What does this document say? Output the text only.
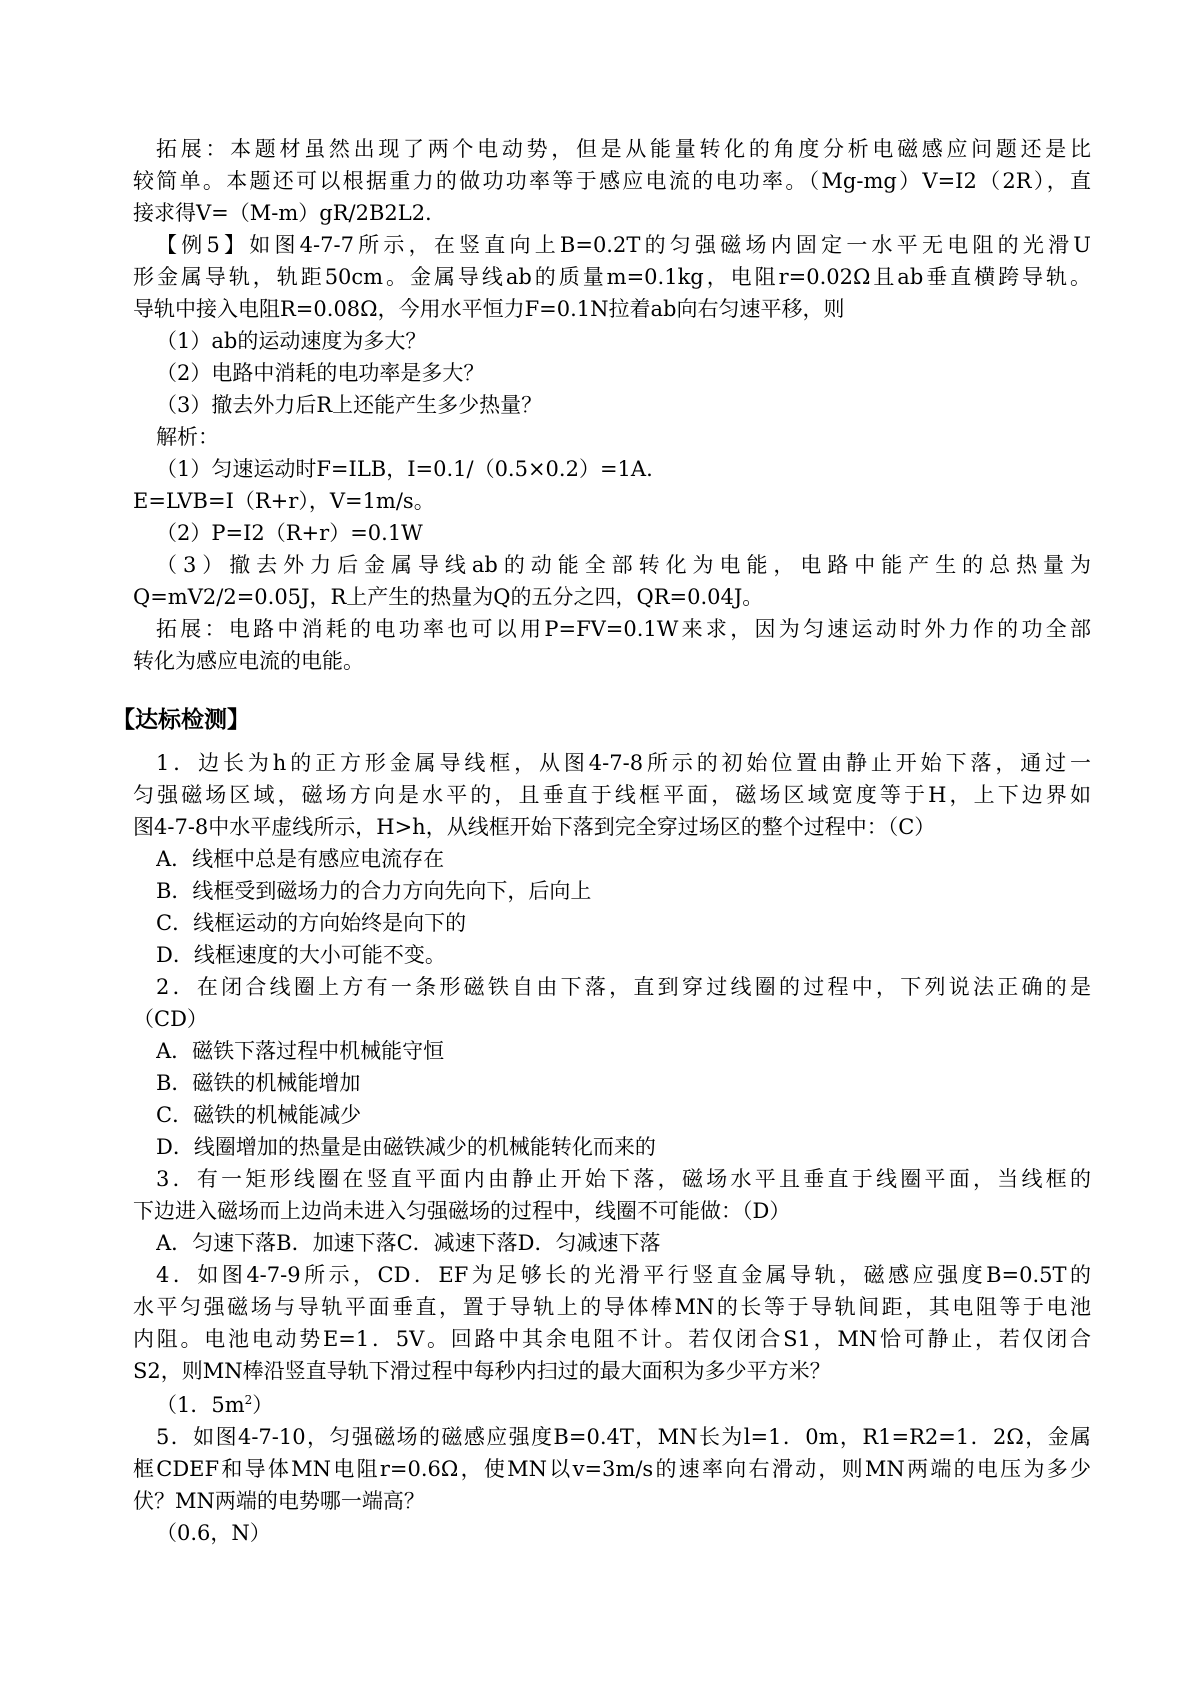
拓展：本题材虽然出现了两个电动势，但是从能量转化的角度分析电磁感应问题还是比
较简单。本题还可以根据重力的做功功率等于感应电流的电功率。（Mg-mg）V=I2（2R），直
接求得V=（M-m）gR/2B2L2.
【例5】如图4-7-7所示，在竖直向上B=0.2T的匀强磁场内固定一水平无电阻的光滑U
形金属导轨，轨距50cm。金属导线ab的质量m=0.1kg，电阻r=0.02Ω且ab垂直横跨导轨。
导轨中接入电阻R=0.08Ω，今用水平恒力F=0.1N拉着ab向右匀速平移，则
（1）ab的运动速度为多大？
（2）电路中消耗的电功率是多大？
（3）撤去外力后R上还能产生多少热量？
解析：
（1）匀速运动时F=ILB，I=0.1/（0.5×0.2）=1A.
E=LVB=I（R+r），V=1m/s。
（2）P=I2（R+r）=0.1W
（3）撤去外力后金属导线ab的动能全部转化为电能，电路中能产生的总热量为
Q=mV2/2=0.05J，R上产生的热量为Q的五分之四，QR=0.04J。
拓展：电路中消耗的电功率也可以用P=FV=0.1W来求，因为匀速运动时外力作的功全部
转化为感应电流的电能。
【达标检测】
1．边长为h的正方形金属导线框，从图4-7-8所示的初始位置由静止开始下落，通过一
匀强磁场区域，磁场方向是水平的，且垂直于线框平面，磁场区域宽度等于H，上下边界如
图4-7-8中水平虚线所示，H>h，从线框开始下落到完全穿过场区的整个过程中：（C）
A．线框中总是有感应电流存在
B．线框受到磁场力的合力方向先向下，后向上
C．线框运动的方向始终是向下的
D．线框速度的大小可能不变。
2．在闭合线圈上方有一条形磁铁自由下落，直到穿过线圈的过程中，下列说法正确的是
（CD）
A．磁铁下落过程中机械能守恒
B．磁铁的机械能增加
C．磁铁的机械能减少
D．线圈增加的热量是由磁铁减少的机械能转化而来的
3．有一矩形线圈在竖直平面内由静止开始下落，磁场水平且垂直于线圈平面，当线框的
下边进入磁场而上边尚未进入匀强磁场的过程中，线圈不可能做：（D）
A．匀速下落B．加速下落C．减速下落D．匀减速下落
4．如图4-7-9所示，CD．EF为足够长的光滑平行竖直金属导轨，磁感应强度B=0.5T的
水平匀强磁场与导轨平面垂直，置于导轨上的导体棒MN的长等于导轨间距，其电阻等于电池
内阻。电池电动势E=1．5V。回路中其余电阻不计。若仅闭合S1，MN恰可静止，若仅闭合
S2，则MN棒沿竖直导轨下滑过程中每秒内扫过的最大面积为多少平方米？
（1．$5m^2$）
5．如图4-7-10，匀强磁场的磁感应强度B=0.4T，MN长为l=1．0m，R1=R2=1．2Ω，金属
框CDEF和导体MN电阻r=0.6Ω，使MN以v=3m/s的速率向右滑动，则MN两端的电压为多少
伏？MN两端的电势哪一端高？
（0.6，N）
